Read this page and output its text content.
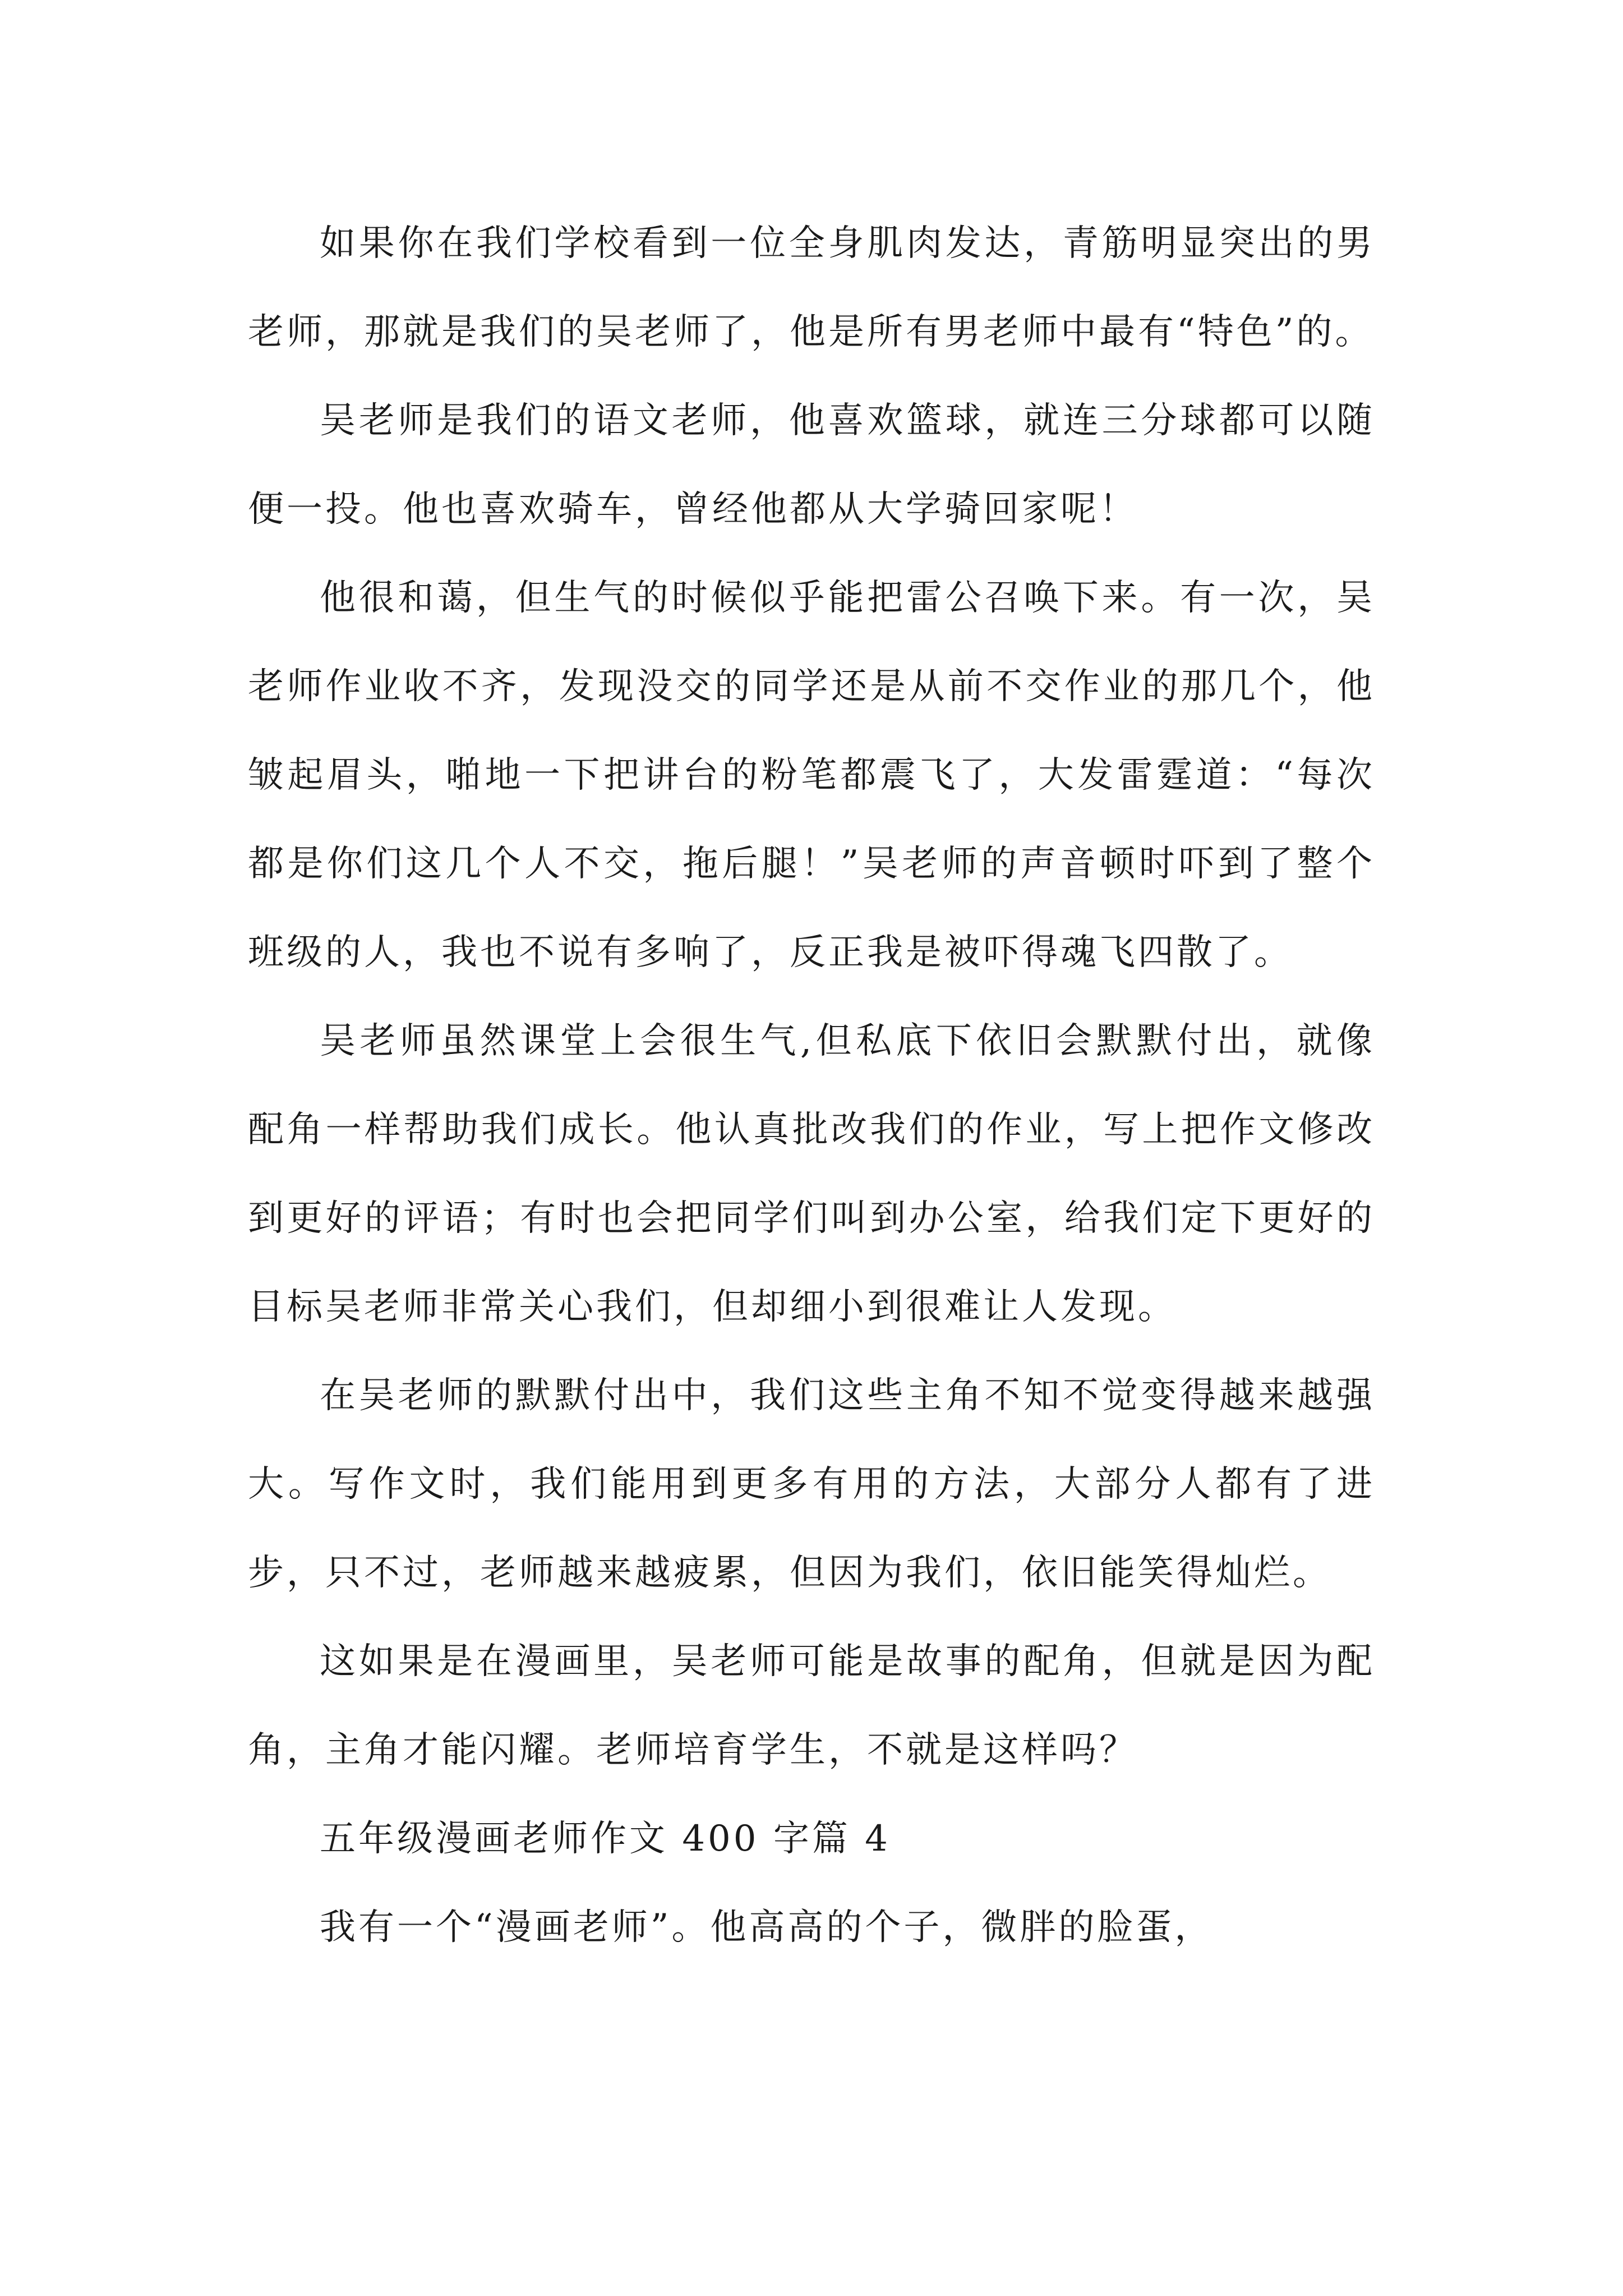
如果你在我们学校看到一位全身肌肉发达，青筋明显突出的男老师，那就是我们的吴老师了，他是所有男老师中最有“特色”的。

吴老师是我们的语文老师，他喜欢篮球，就连三分球都可以随便一投。他也喜欢骑车，曾经他都从大学骑回家呢！

他很和蔼，但生气的时候似乎能把雷公召唤下来。有一次，吴老师作业收不齐，发现没交的同学还是从前不交作业的那几个，他皱起眉头，啪地一下把讲台的粉笔都震飞了，大发雷霆道：“每次都是你们这几个人不交，拖后腿！”吴老师的声音顿时吓到了整个班级的人，我也不说有多响了，反正我是被吓得魂飞四散了。

吴老师虽然课堂上会很生气,但私底下依旧会默默付出，就像配角一样帮助我们成长。他认真批改我们的作业，写上把作文修改到更好的评语；有时也会把同学们叫到办公室，给我们定下更好的目标吴老师非常关心我们，但却细小到很难让人发现。

在吴老师的默默付出中，我们这些主角不知不觉变得越来越强大。写作文时，我们能用到更多有用的方法，大部分人都有了进步，只不过，老师越来越疲累，但因为我们，依旧能笑得灿烂。

这如果是在漫画里，吴老师可能是故事的配角，但就是因为配角，主角才能闪耀。老师培育学生，不就是这样吗？

五年级漫画老师作文 400 字篇 4

我有一个“漫画老师”。他高高的个子，微胖的脸蛋，
